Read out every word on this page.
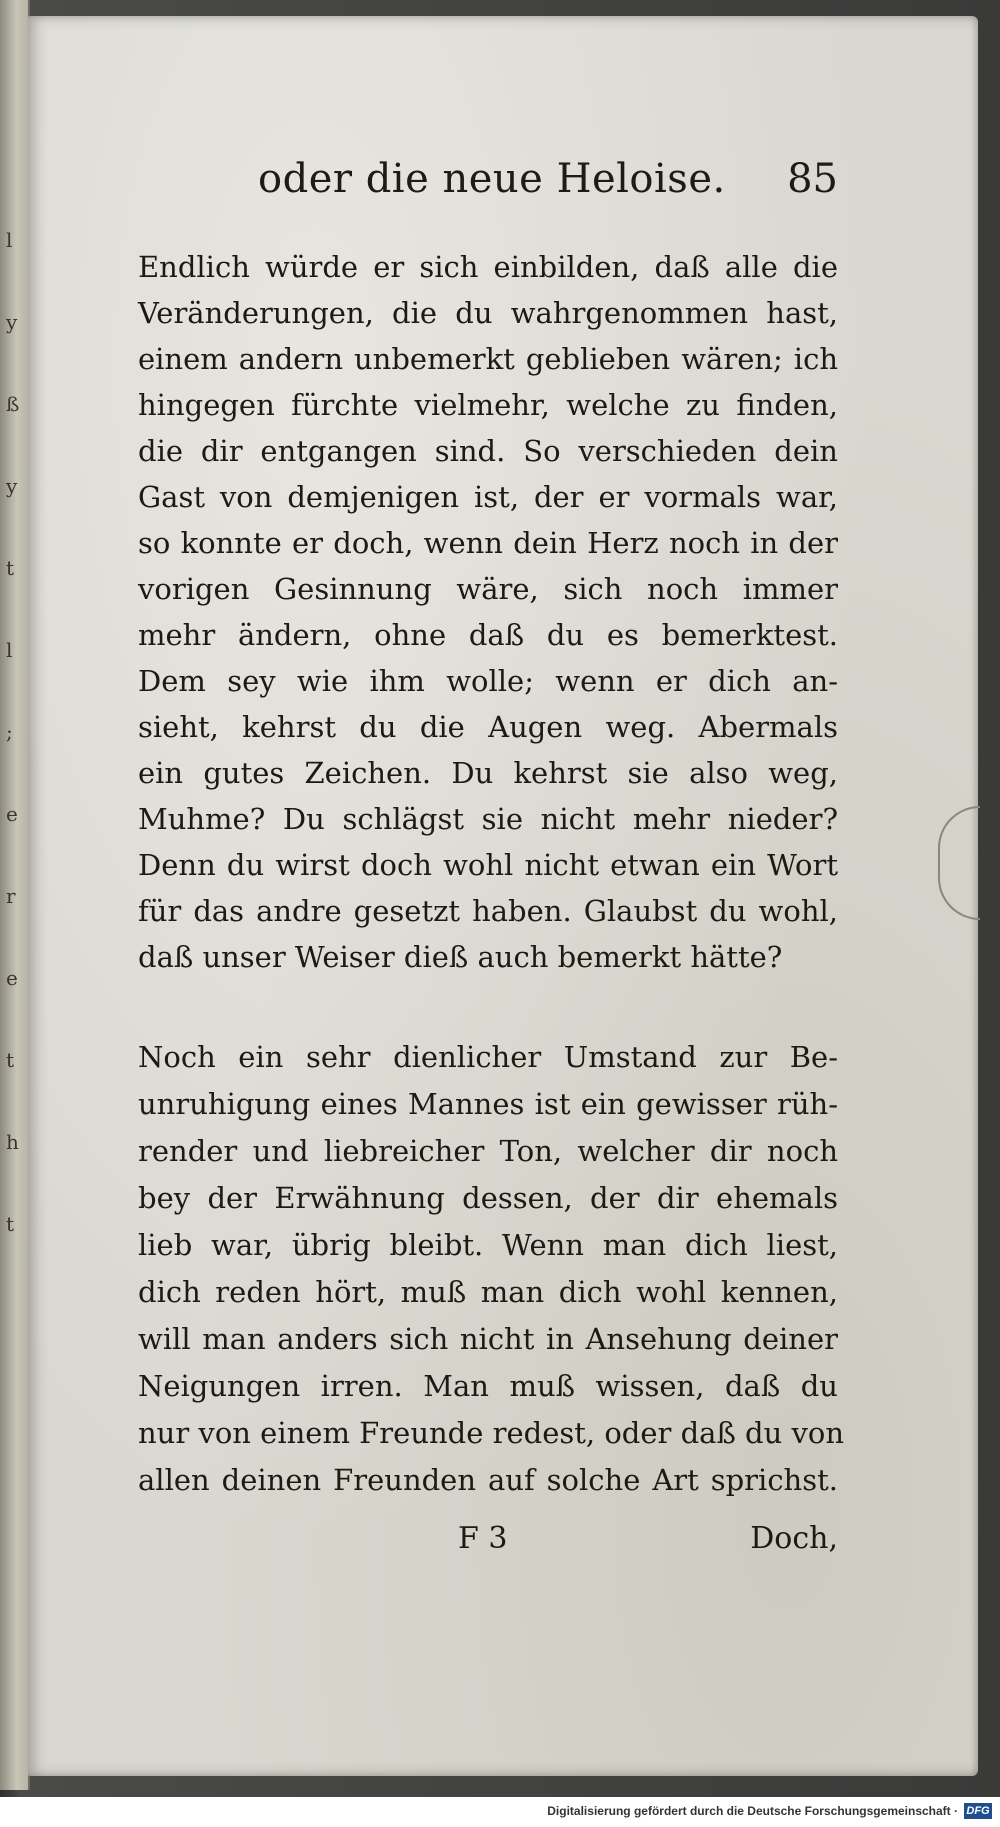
l

y

ß

y

t

l

;

e

r

e

t

h

t
oder die neue Heloise. 85
Endlich würde er sich einbilden, daß alle die
Veränderungen, die du wahrgenommen hast,
einem andern unbemerkt geblieben wären; ich
hingegen fürchte vielmehr, welche zu finden,
die dir entgangen sind. So verschieden dein
Gast von demjenigen ist, der er vormals war,
so konnte er doch, wenn dein Herz noch in der
vorigen Gesinnung wäre, sich noch immer
mehr ändern, ohne daß du es bemerktest.
Dem sey wie ihm wolle; wenn er dich an-
sieht, kehrst du die Augen weg. Abermals
ein gutes Zeichen. Du kehrst sie also weg,
Muhme? Du schlägst sie nicht mehr nieder?
Denn du wirst doch wohl nicht etwan ein Wort
für das andre gesetzt haben. Glaubst du wohl,
daß unser Weiser dieß auch bemerkt hätte?
Noch ein sehr dienlicher Umstand zur Be-
unruhigung eines Mannes ist ein gewisser rüh-
render und liebreicher Ton, welcher dir noch
bey der Erwähnung dessen, der dir ehemals
lieb war, übrig bleibt. Wenn man dich liest,
dich reden hört, muß man dich wohl kennen,
will man anders sich nicht in Ansehung deiner
Neigungen irren. Man muß wissen, daß du
nur von einem Freunde redest, oder daß du von
allen deinen Freunden auf solche Art sprichst.
F 3	Doch,
Digitalisierung gefördert durch die Deutsche Forschungsgemeinschaft · DFG
